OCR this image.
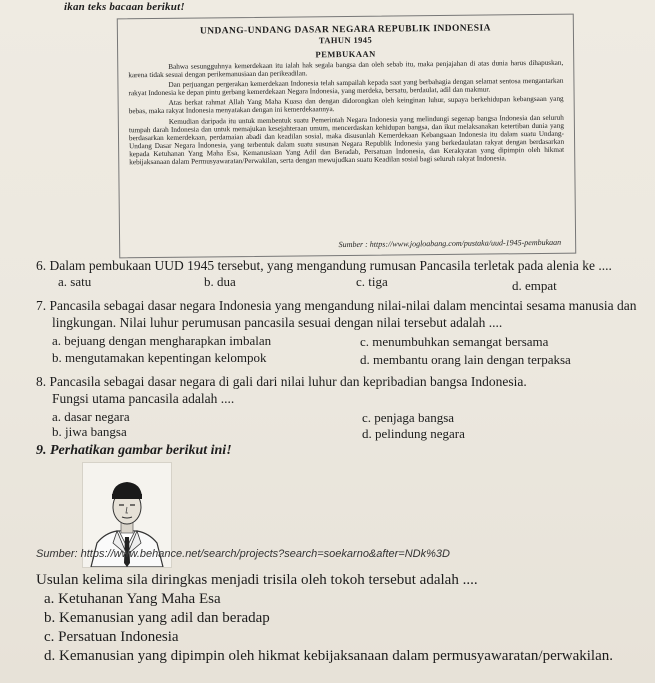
ikan teks bacaan berikut!
UNDANG-UNDANG DASAR NEGARA REPUBLIK INDONESIA
TAHUN 1945
PEMBUKAAN

Bahwa sesungguhnya kemerdekaan itu ialah hak segala bangsa dan oleh sebab itu, maka penjajahan di atas dunia harus dihapuskan, karena tidak sesuai dengan perikemanusiaan dan perikeadilan.

Dan perjuangan pergerakan kemerdekaan Indonesia telah sampailah kepada saat yang berbahagia dengan selamat sentosa mengantarkan rakyat Indonesia ke depan pintu gerbang kemerdekaan Negara Indonesia, yang merdeka, bersatu, berdaulat, adil dan makmur.

Atas berkat rahmat Allah Yang Maha Kuasa dan dengan didorongkan oleh keinginan luhur, supaya berkehidupan kebangsaan yang bebas, maka rakyat Indonesia menyatakan dengan ini kemerdekaannya.

Kemudian daripada itu untuk membentuk suatu Pemerintah Negara Indonesia yang melindungi segenap bangsa Indonesia dan seluruh tumpah darah Indonesia dan untuk memajukan kesejahteraan umum, mencerdaskan kehidupan bangsa, dan ikut melaksanakan ketertiban dunia yang berdasarkan kemerdekaan, perdamaian abadi dan keadilan sosial, maka disusunlah Kemerdekaan Kebangsaan Indonesia itu dalam suatu Undang-Undang Dasar Negara Indonesia, yang terbentuk dalam suatu susunan Negara Republik Indonesia yang berkedaulatan rakyat dengan berdasarkan kepada Ketuhanan Yang Maha Esa, Kemanusiaan Yang Adil dan Beradab, Persatuan Indonesia, dan Kerakyatan yang dipimpin oleh hikmat kebijaksanaan dalam Permusyawaratan/Perwakilan, serta dengan mewujudkan suatu Keadilan sosial bagi seluruh rakyat Indonesia.

Sumber : https://www.jogloabang.com/pustaka/uud-1945-pembukaan
6. Dalam pembukaan UUD 1945 tersebut, yang mengandung rumusan Pancasila terletak pada alenia ke ....
a. satu	b. dua	c. tiga	d. empat
7. Pancasila sebagai dasar negara Indonesia yang mengandung nilai-nilai dalam mencintai sesama manusia dan
lingkungan. Nilai luhur perumusan pancasila sesuai dengan nilai tersebut adalah ....
a. bejuang dengan mengharapkan imbalan
b. mengutamakan kepentingan kelompok
c. menumbuhkan semangat bersama
d. membantu orang lain dengan terpaksa
8. Pancasila sebagai dasar negara di gali dari nilai luhur dan kepribadian bangsa Indonesia.
Fungsi utama pancasila adalah ....
a. dasar negara
b. jiwa bangsa
c. penjaga bangsa
d. pelindung negara
9. Perhatikan gambar berikut ini!
Sumber: https://www.behance.net/search/projects?search=soekarno&after=NDk%3D
Usulan kelima sila diringkas menjadi trisila oleh tokoh tersebut adalah ....
a. Ketuhanan Yang Maha Esa
b. Kemanusian yang adil dan beradap
c. Persatuan Indonesia
d. Kemanusian yang dipimpin oleh hikmat kebijaksanaan dalam permusyawaratan/perwakilan.
